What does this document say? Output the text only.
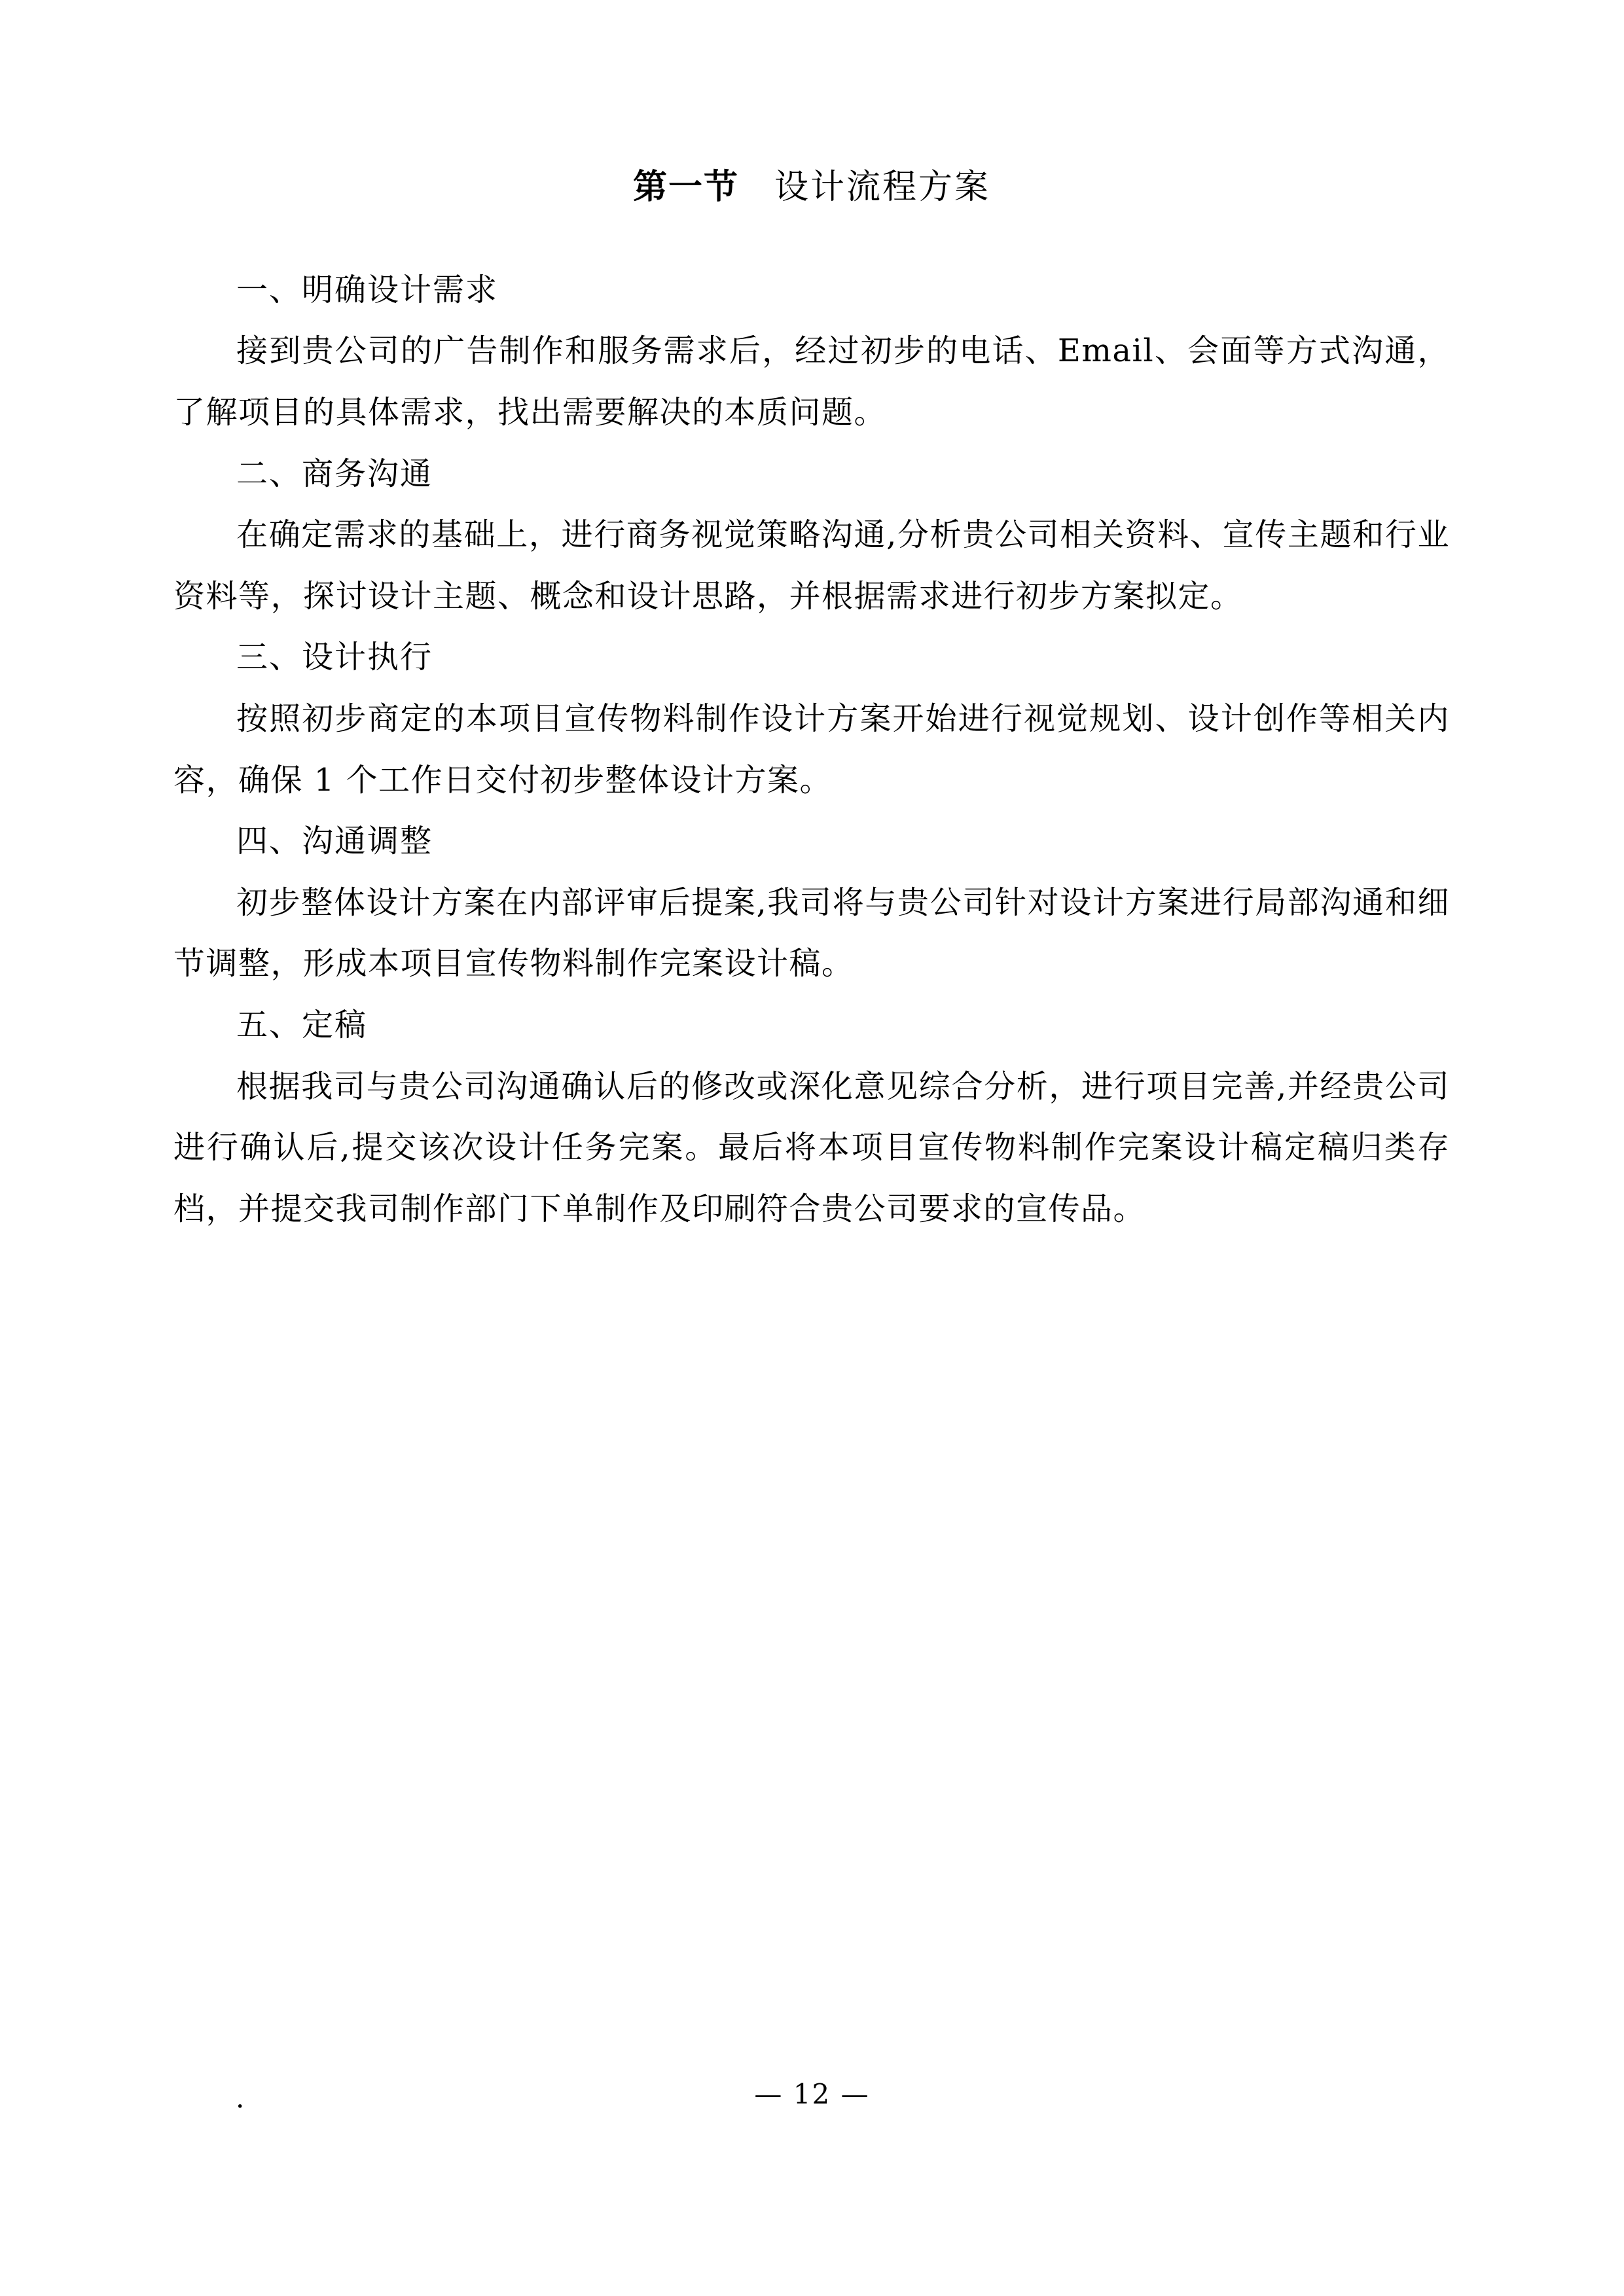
第一节 设计流程方案

一、明确设计需求

接到贵公司的广告制作和服务需求后，经过初步的电话、Email、会面等方式沟通，了解项目的具体需求，找出需要解决的本质问题。

二、商务沟通

在确定需求的基础上，进行商务视觉策略沟通,分析贵公司相关资料、宣传主题和行业资料等，探讨设计主题、概念和设计思路，并根据需求进行初步方案拟定。

三、设计执行

按照初步商定的本项目宣传物料制作设计方案开始进行视觉规划、设计创作等相关内容，确保 1 个工作日交付初步整体设计方案。

四、沟通调整

初步整体设计方案在内部评审后提案,我司将与贵公司针对设计方案进行局部沟通和细节调整，形成本项目宣传物料制作完案设计稿。

五、定稿

根据我司与贵公司沟通确认后的修改或深化意见综合分析，进行项目完善,并经贵公司进行确认后,提交该次设计任务完案。最后将本项目宣传物料制作完案设计稿定稿归类存档，并提交我司制作部门下单制作及印刷符合贵公司要求的宣传品。

.	— 12 —
